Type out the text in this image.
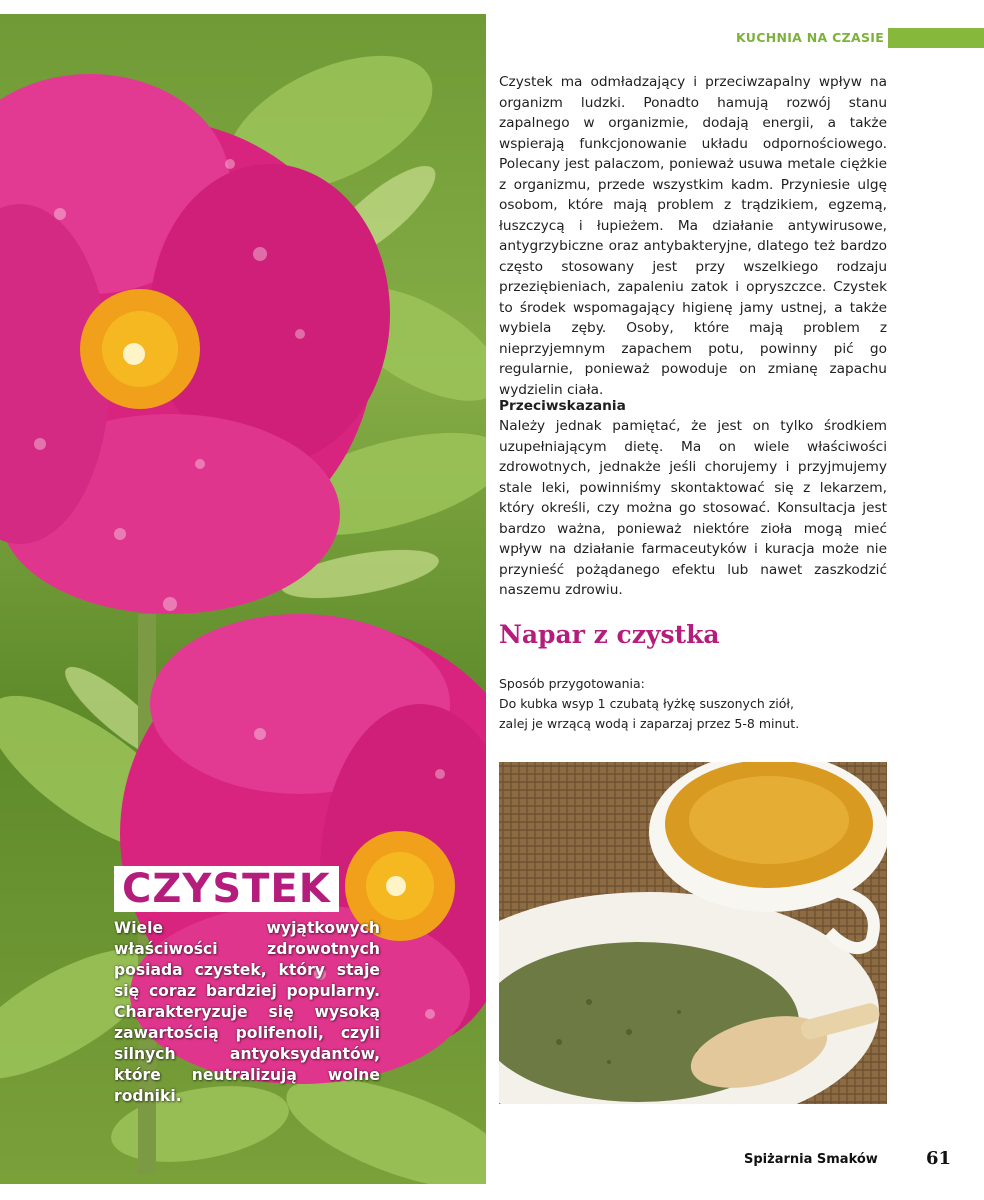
CZYSTEK
Wiele wyjątkowych właściwości zdrowotnych posiada czystek, który staje się coraz bardziej popularny. Charakteryzuje się wysoką zawartością polifenoli, czyli silnych antyoksydantów, które neutralizują wolne rodniki.
KUCHNIA NA CZASIE

Czystek ma odmładzający i przeciwzapalny wpływ na organizm ludzki. Ponadto hamują rozwój stanu zapalnego w organizmie, dodają energii, a także wspierają funkcjonowanie układu odpornościowego. Polecany jest palaczom, ponieważ usuwa metale ciężkie z organizmu, przede wszystkim kadm. Przyniesie ulgę osobom, które mają problem z trądzikiem, egzemą, łuszczycą i łupieżem. Ma działanie antywirusowe, antygrzybiczne oraz antybakteryjne, dlatego też bardzo często stosowany jest przy wszelkiego rodzaju przeziębieniach, zapaleniu zatok i opryszczce. Czystek to środek wspomagający higienę jamy ustnej, a także wybiela zęby. Osoby, które mają problem z nieprzyjemnym zapachem potu, powinny pić go regularnie, ponieważ powoduje on zmianę zapachu wydzielin ciała.

Przeciwskazania

Należy jednak pamiętać, że jest on tylko środkiem uzupełniającym dietę. Ma on wiele właściwości zdrowotnych, jednakże jeśli chorujemy i przyjmujemy stale leki, powinniśmy skontaktować się z lekarzem, który określi, czy można go stosować. Konsultacja jest bardzo ważna, ponieważ niektóre zioła mogą mieć wpływ na działanie farmaceutyków i kuracja może nie przynieść pożądanego efektu lub nawet zaszkodzić naszemu zdrowiu.

Napar z czystka
Sposób przygotowania:
Do kubka wsyp 1 czubatą łyżkę suszonych ziół,
zalej je wrzącą wodą i zaparzaj przez 5-8 minut.
Spiżarnia Smaków	61
